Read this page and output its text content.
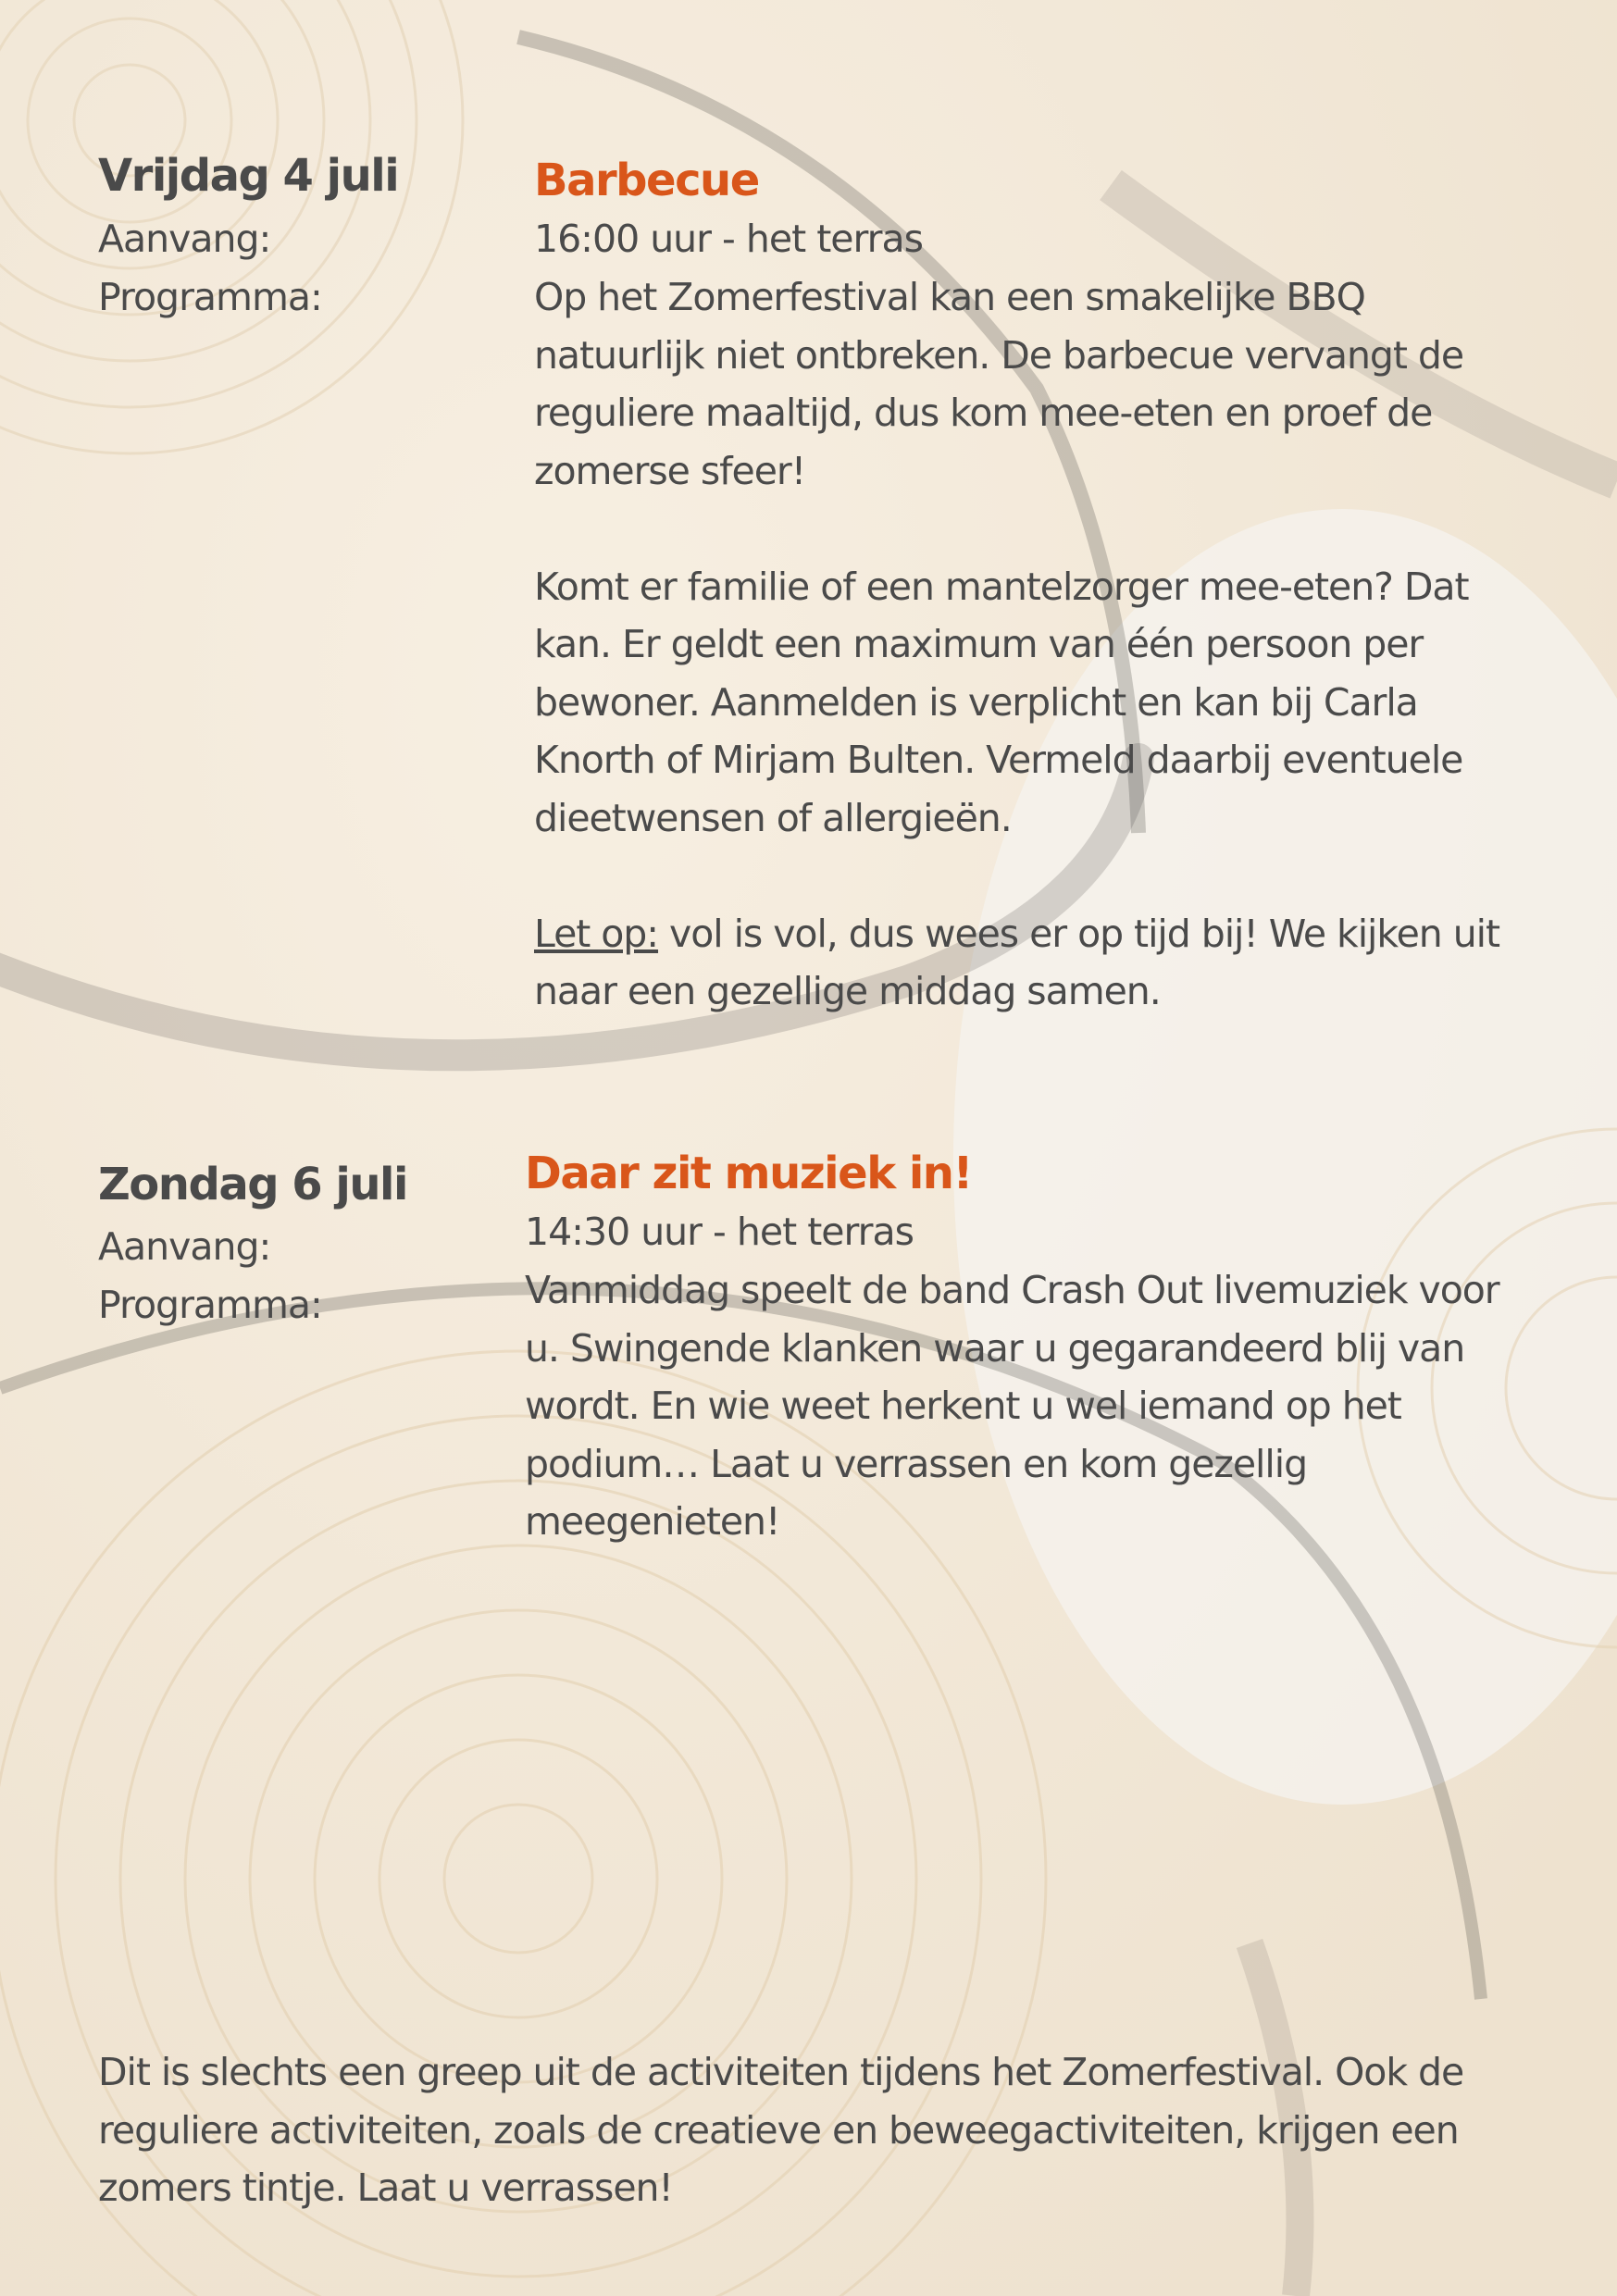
Vrijdag 4 juli
Aanvang:
Programma:
Barbecue
16:00 uur - het terras
Op het Zomerfestival kan een smakelijke BBQ
natuurlijk niet ontbreken. De barbecue vervangt de
reguliere maaltijd, dus kom mee-eten en proef de
zomerse sfeer!
Komt er familie of een mantelzorger mee-eten? Dat
kan. Er geldt een maximum van één persoon per
bewoner. Aanmelden is verplicht en kan bij Carla
Knorth of Mirjam Bulten. Vermeld daarbij eventuele
dieetwensen of allergieën.
Let op: vol is vol, dus wees er op tijd bij! We kijken uit
naar een gezellige middag samen.
Zondag 6 juli
Aanvang:
Programma:
Daar zit muziek in!
14:30 uur - het terras
Vanmiddag speelt de band Crash Out livemuziek voor
u. Swingende klanken waar u gegarandeerd blij van
wordt. En wie weet herkent u wel iemand op het
podium… Laat u verrassen en kom gezellig
meegenieten!
Dit is slechts een greep uit de activiteiten tijdens het Zomerfestival. Ook de
reguliere activiteiten, zoals de creatieve en beweegactiviteiten, krijgen een
zomers tintje. Laat u verrassen!
